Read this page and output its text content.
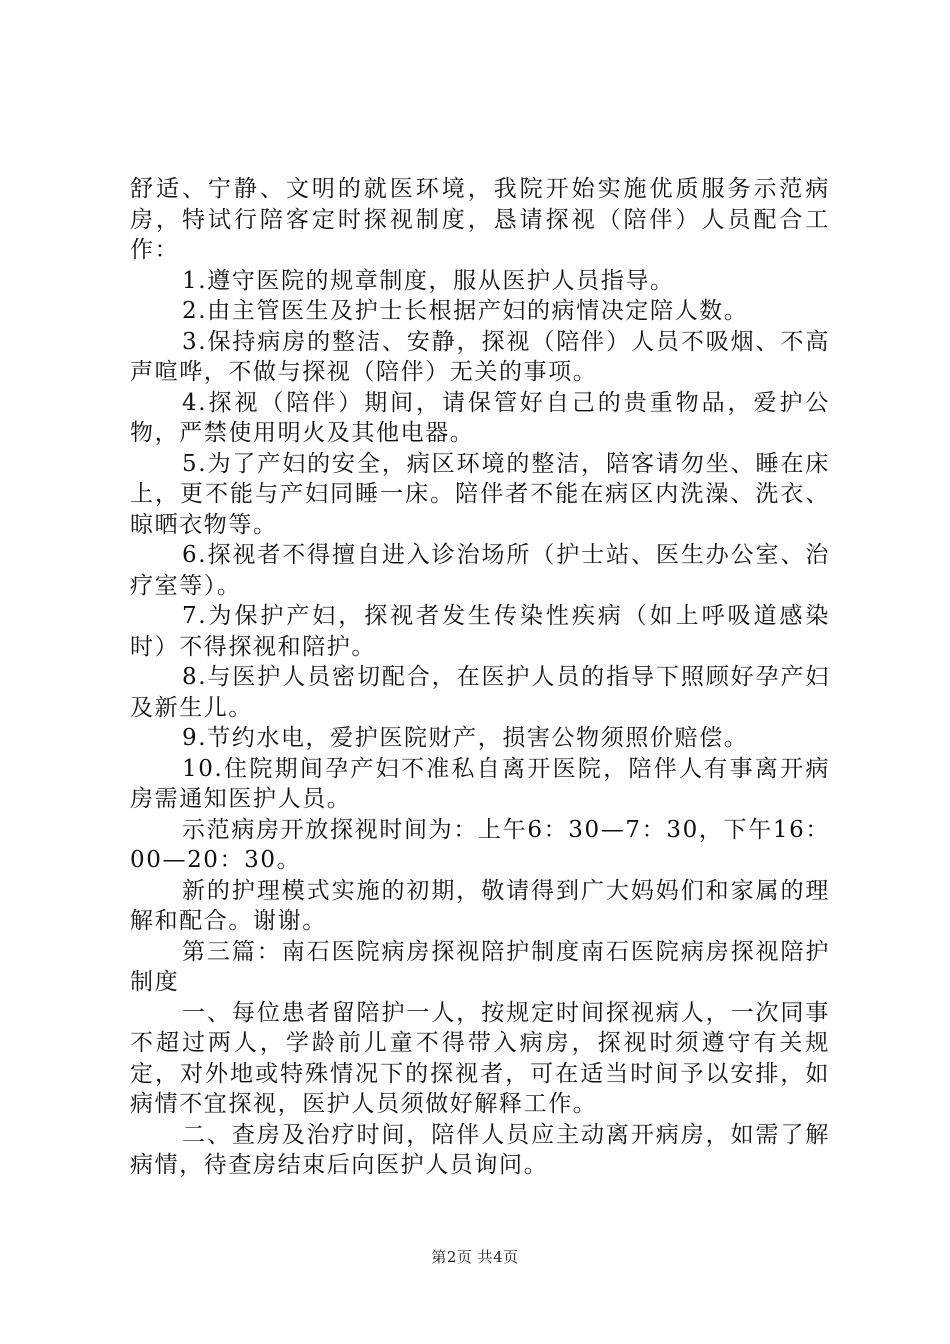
舒适、宁静、文明的就医环境，我院开始实施优质服务示范病房，特试行陪客定时探视制度，恳请探视（陪伴）人员配合工作：

1.遵守医院的规章制度，服从医护人员指导。

2.由主管医生及护士长根据产妇的病情决定陪人数。

3.保持病房的整洁、安静，探视（陪伴）人员不吸烟、不高声喧哗，不做与探视（陪伴）无关的事项。

4.探视（陪伴）期间，请保管好自己的贵重物品，爱护公物，严禁使用明火及其他电器。

5.为了产妇的安全，病区环境的整洁，陪客请勿坐、睡在床上，更不能与产妇同睡一床。陪伴者不能在病区内洗澡、洗衣、晾晒衣物等。

6.探视者不得擅自进入诊治场所（护士站、医生办公室、治疗室等）。

7.为保护产妇，探视者发生传染性疾病（如上呼吸道感染时）不得探视和陪护。

8.与医护人员密切配合，在医护人员的指导下照顾好孕产妇及新生儿。

9.节约水电，爱护医院财产，损害公物须照价赔偿。

10.住院期间孕产妇不准私自离开医院，陪伴人有事离开病房需通知医护人员。

示范病房开放探视时间为：上午6：30—7：30，下午16：00—20：30。

新的护理模式实施的初期，敬请得到广大妈妈们和家属的理解和配合。谢谢。

第三篇：南石医院病房探视陪护制度南石医院病房探视陪护制度

一、每位患者留陪护一人，按规定时间探视病人，一次同事不超过两人，学龄前儿童不得带入病房，探视时须遵守有关规定，对外地或特殊情况下的探视者，可在适当时间予以安排，如病情不宜探视，医护人员须做好解释工作。

二、查房及治疗时间，陪伴人员应主动离开病房，如需了解病情，待查房结束后向医护人员询问。

第2页 共4页
